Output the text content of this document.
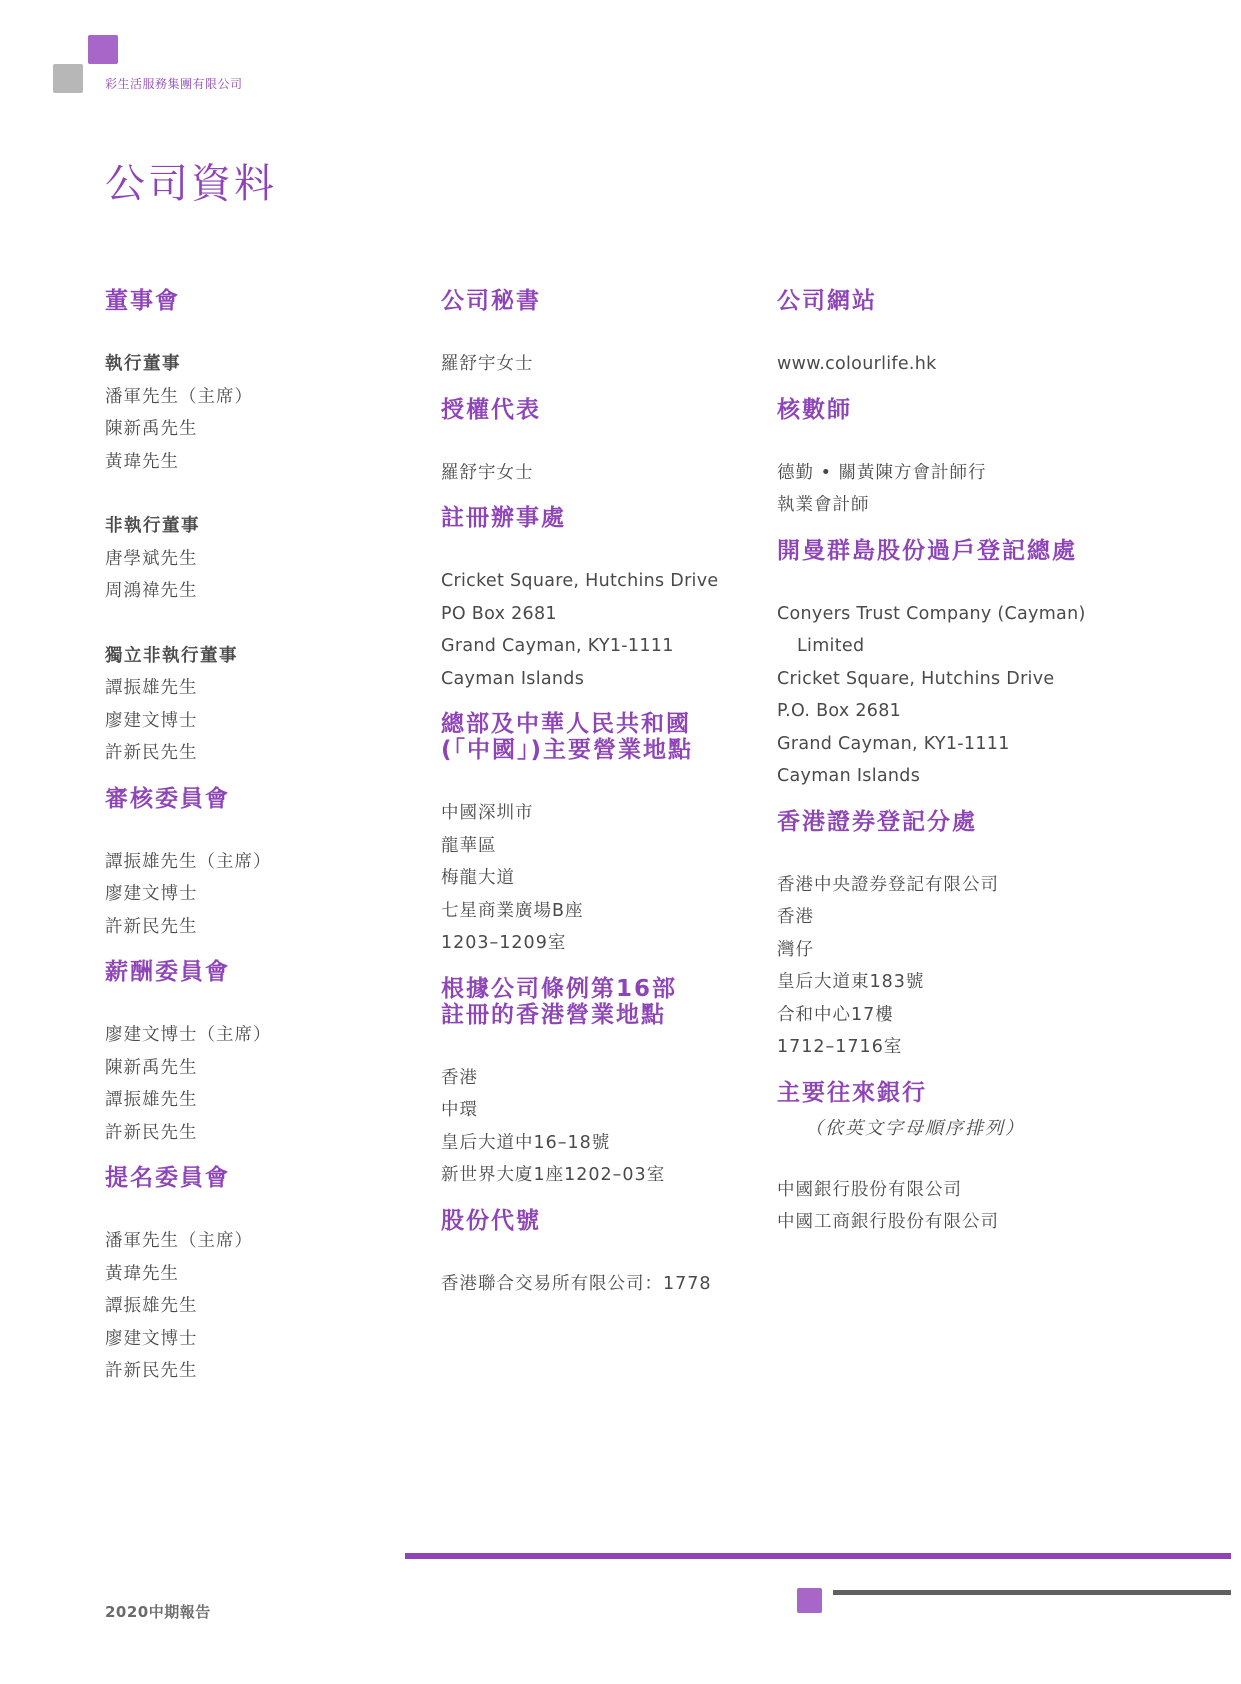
彩生活服務集團有限公司
公司資料
董事會
執行董事
潘軍先生（主席）
陳新禹先生
黃瑋先生
非執行董事
唐學斌先生
周鴻禕先生
獨立非執行董事
譚振雄先生
廖建文博士
許新民先生
審核委員會
譚振雄先生（主席）
廖建文博士
許新民先生
薪酬委員會
廖建文博士（主席）
陳新禹先生
譚振雄先生
許新民先生
提名委員會
潘軍先生（主席）
黃瑋先生
譚振雄先生
廖建文博士
許新民先生
公司秘書
羅舒宇女士
授權代表
羅舒宇女士
註冊辦事處
Cricket Square, Hutchins Drive
PO Box 2681
Grand Cayman, KY1-1111
Cayman Islands
總部及中華人民共和國
(「中國」)主要營業地點
中國深圳市
龍華區
梅龍大道
七星商業廣場B座
1203–1209室
根據公司條例第16部
註冊的香港營業地點
香港
中環
皇后大道中16–18號
新世界大廈1座1202–03室
股份代號
香港聯合交易所有限公司：1778
公司網站
www.colourlife.hk
核數師
德勤 • 關黃陳方會計師行
執業會計師
開曼群島股份過戶登記總處
Conyers Trust Company (Cayman)
Limited
Cricket Square, Hutchins Drive
P.O. Box 2681
Grand Cayman, KY1-1111
Cayman Islands
香港證券登記分處
香港中央證券登記有限公司
香港
灣仔
皇后大道東183號
合和中心17樓
1712–1716室
主要往來銀行
（依英文字母順序排列）
中國銀行股份有限公司
中國工商銀行股份有限公司
2020中期報告
